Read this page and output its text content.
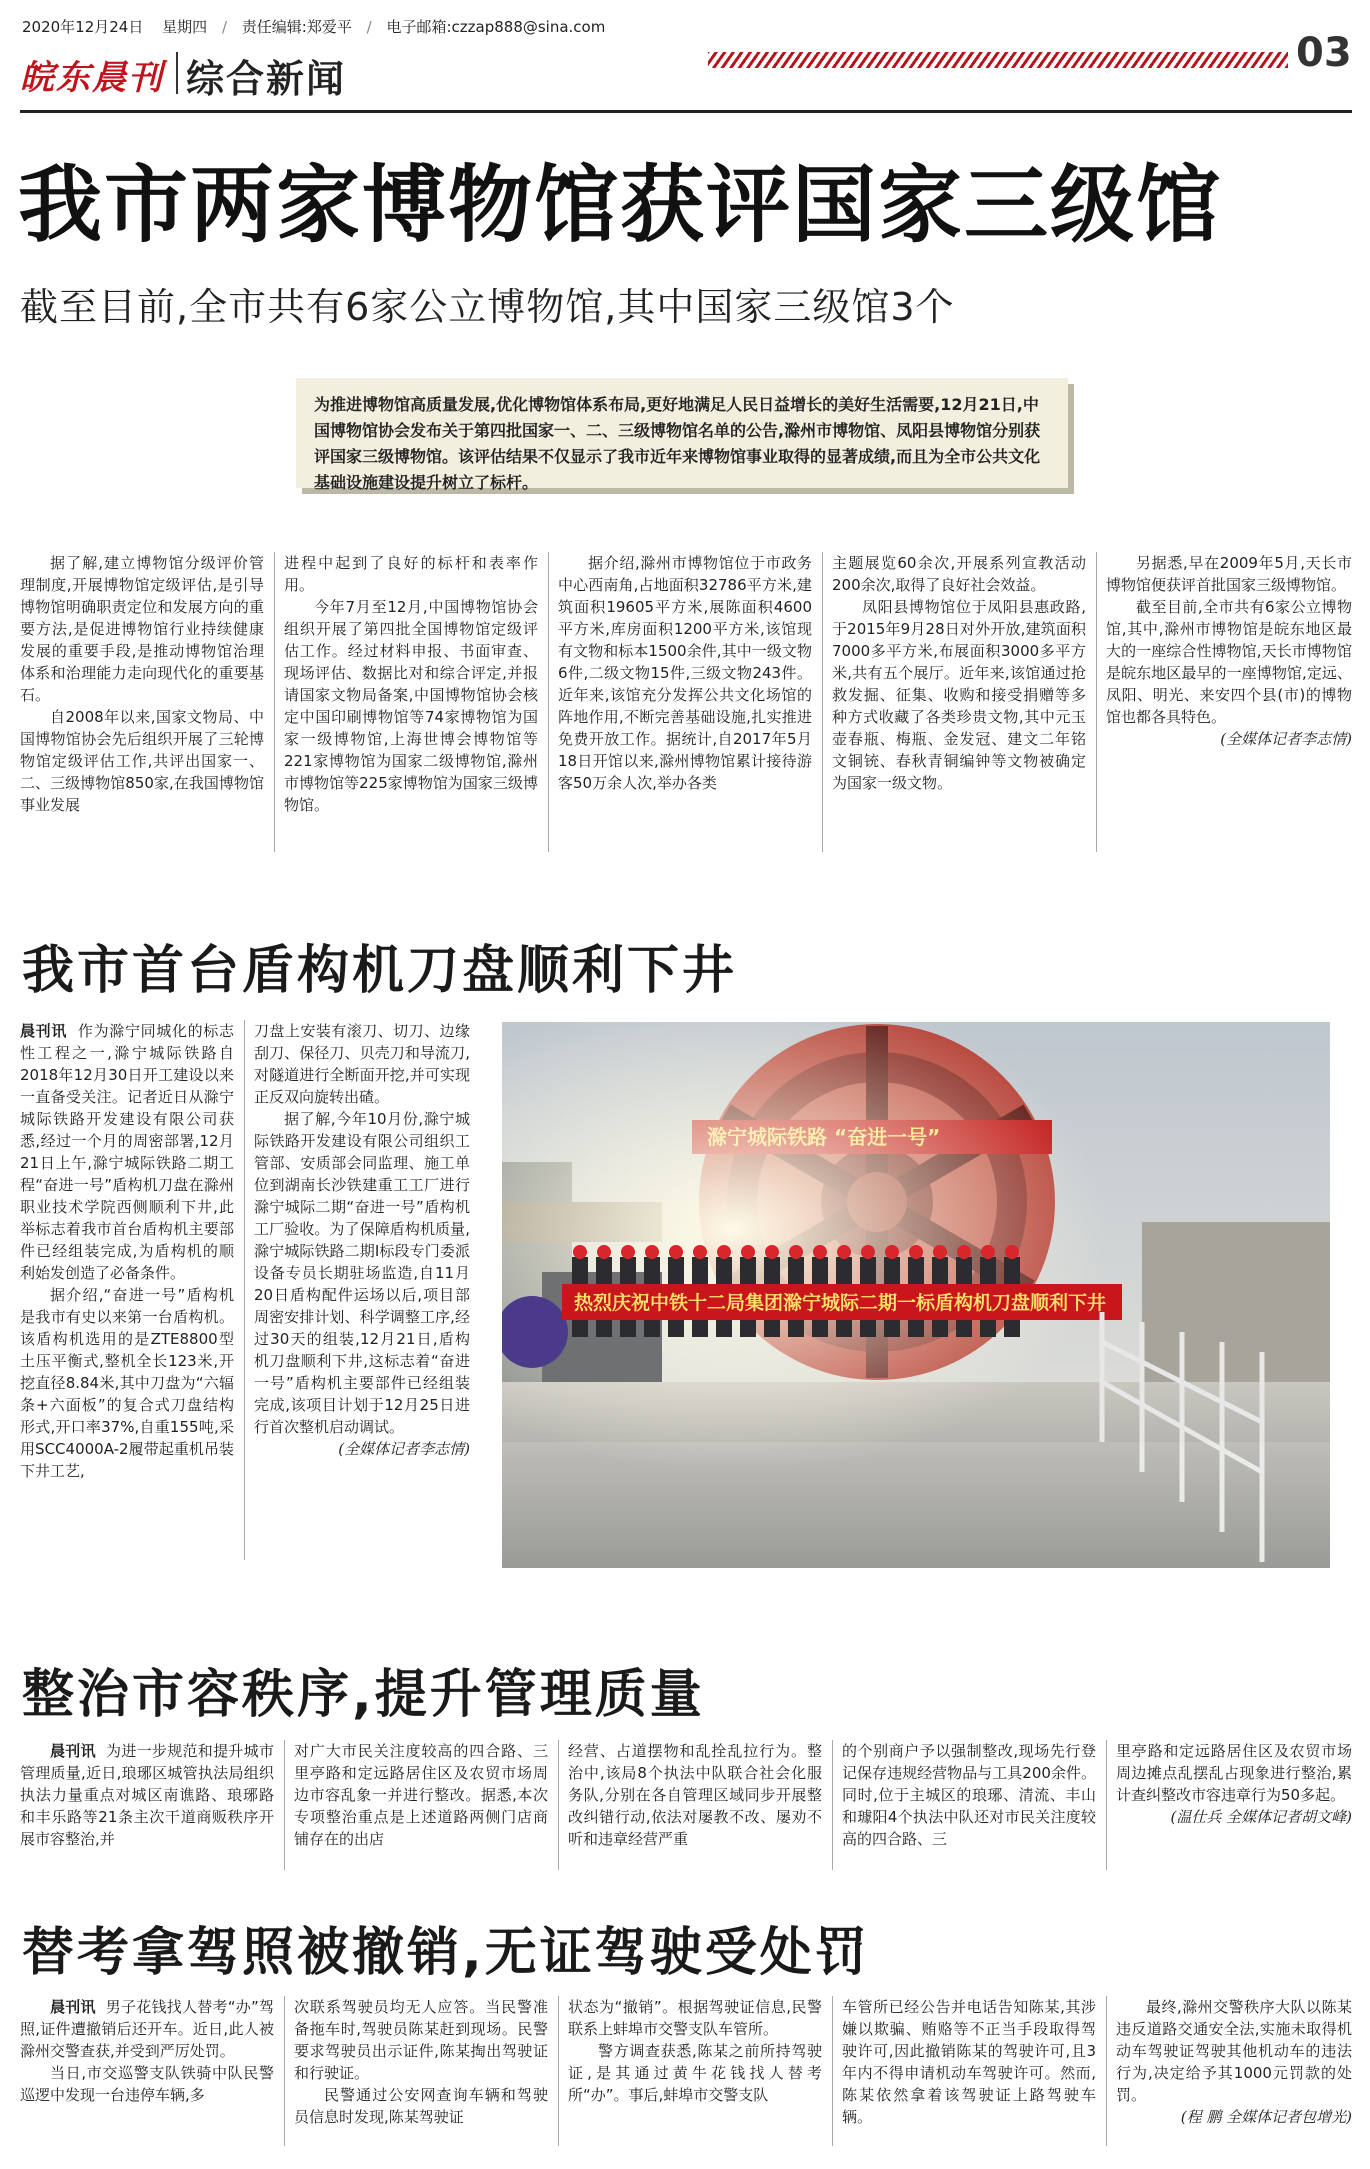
2020年12月24日 星期四 / 责任编辑:郑爱平 / 电子邮箱:czzap888@sina.com
皖东晨刊 综合新闻
03
我市两家博物馆获评国家三级馆
截至目前,全市共有6家公立博物馆,其中国家三级馆3个
为推进博物馆高质量发展,优化博物馆体系布局,更好地满足人民日益增长的美好生活需要,12月21日,中国博物馆协会发布关于第四批国家一、二、三级博物馆名单的公告,滁州市博物馆、凤阳县博物馆分别获评国家三级博物馆。该评估结果不仅显示了我市近年来博物馆事业取得的显著成绩,而且为全市公共文化基础设施建设提升树立了标杆。

据了解,建立博物馆分级评价管理制度,开展博物馆定级评估,是引导博物馆明确职责定位和发展方向的重要方法,是促进博物馆行业持续健康发展的重要手段,是推动博物馆治理体系和治理能力走向现代化的重要基石。

自2008年以来,国家文物局、中国博物馆协会先后组织开展了三轮博物馆定级评估工作,共评出国家一、二、三级博物馆850家,在我国博物馆事业发展

进程中起到了良好的标杆和表率作用。

今年7月至12月,中国博物馆协会组织开展了第四批全国博物馆定级评估工作。经过材料申报、书面审查、现场评估、数据比对和综合评定,并报请国家文物局备案,中国博物馆协会核定中国印刷博物馆等74家博物馆为国家一级博物馆,上海世博会博物馆等221家博物馆为国家二级博物馆,滁州市博物馆等225家博物馆为国家三级博物馆。

据介绍,滁州市博物馆位于市政务中心西南角,占地面积32786平方米,建筑面积19605平方米,展陈面积4600平方米,库房面积1200平方米,该馆现有文物和标本1500余件,其中一级文物6件,二级文物15件,三级文物243件。近年来,该馆充分发挥公共文化场馆的阵地作用,不断完善基础设施,扎实推进免费开放工作。据统计,自2017年5月18日开馆以来,滁州博物馆累计接待游客50万余人次,举办各类

主题展览60余次,开展系列宣教活动200余次,取得了良好社会效益。

凤阳县博物馆位于凤阳县惠政路,于2015年9月28日对外开放,建筑面积7000多平方米,布展面积3000多平方米,共有五个展厅。近年来,该馆通过抢救发掘、征集、收购和接受捐赠等多种方式收藏了各类珍贵文物,其中元玉壶春瓶、梅瓶、金发冠、建文二年铭文铜铳、春秋青铜编钟等文物被确定为国家一级文物。

另据悉,早在2009年5月,天长市博物馆便获评首批国家三级博物馆。

截至目前,全市共有6家公立博物馆,其中,滁州市博物馆是皖东地区最大的一座综合性博物馆,天长市博物馆是皖东地区最早的一座博物馆,定远、凤阳、明光、来安四个县(市)的博物馆也都各具特色。

(全媒体记者李志情)
我市首台盾构机刀盘顺利下井

晨刊讯 作为滁宁同城化的标志性工程之一,滁宁城际铁路自2018年12月30日开工建设以来一直备受关注。记者近日从滁宁城际铁路开发建设有限公司获悉,经过一个月的周密部署,12月21日上午,滁宁城际铁路二期工程“奋进一号”盾构机刀盘在滁州职业技术学院西侧顺利下井,此举标志着我市首台盾构机主要部件已经组装完成,为盾构机的顺利始发创造了必备条件。

据介绍,“奋进一号”盾构机是我市有史以来第一台盾构机。该盾构机选用的是ZTE8800型土压平衡式,整机全长123米,开挖直径8.84米,其中刀盘为“六辐条+六面板”的复合式刀盘结构形式,开口率37%,自重155吨,采用SCC4000A-2履带起重机吊装下井工艺,

刀盘上安装有滚刀、切刀、边缘刮刀、保径刀、贝壳刀和导流刀,对隧道进行全断面开挖,并可实现正反双向旋转出碴。

据了解,今年10月份,滁宁城际铁路开发建设有限公司组织工管部、安质部会同监理、施工单位到湖南长沙铁建重工工厂进行滁宁城际二期“奋进一号”盾构机工厂验收。为了保障盾构机质量,滁宁城际铁路二期Ⅰ标段专门委派设备专员长期驻场监造,自11月20日盾构配件运场以后,项目部周密安排计划、科学调整工序,经过30天的组装,12月21日,盾构机刀盘顺利下井,这标志着“奋进一号”盾构机主要部件已经组装完成,该项目计划于12月25日进行首次整机启动调试。

(全媒体记者李志情)
热烈庆祝中铁十二局集团滁宁城际二期一标盾构机刀盘顺利下井
整治市容秩序,提升管理质量

晨刊讯 为进一步规范和提升城市管理质量,近日,琅琊区城管执法局组织执法力量重点对城区南谯路、琅琊路和丰乐路等21条主次干道商贩秩序开展市容整治,并

对广大市民关注度较高的四合路、三里亭路和定远路居住区及农贸市场周边市容乱象一并进行整改。据悉,本次专项整治重点是上述道路两侧门店商铺存在的出店

经营、占道摆物和乱拴乱拉行为。整治中,该局8个执法中队联合社会化服务队,分别在各自管理区域同步开展整改纠错行动,依法对屡教不改、屡劝不听和违章经营严重

的个别商户予以强制整改,现场先行登记保存违规经营物品与工具200余件。同时,位于主城区的琅琊、清流、丰山和璩阳4个执法中队还对市民关注度较高的四合路、三

里亭路和定远路居住区及农贸市场周边摊点乱摆乱占现象进行整治,累计查纠整改市容违章行为50多起。

(温仕兵 全媒体记者胡文峰)
替考拿驾照被撤销,无证驾驶受处罚

晨刊讯 男子花钱找人替考“办”驾照,证件遭撤销后还开车。近日,此人被滁州交警查获,并受到严厉处罚。

当日,市交巡警支队铁骑中队民警巡逻中发现一台违停车辆,多

次联系驾驶员均无人应答。当民警准备拖车时,驾驶员陈某赶到现场。民警要求驾驶员出示证件,陈某掏出驾驶证和行驶证。

民警通过公安网查询车辆和驾驶员信息时发现,陈某驾驶证

状态为“撤销”。根据驾驶证信息,民警联系上蚌埠市交警支队车管所。

警方调查获悉,陈某之前所持驾驶证,是其通过黄牛花钱找人替考所“办”。事后,蚌埠市交警支队

车管所已经公告并电话告知陈某,其涉嫌以欺骗、贿赂等不正当手段取得驾驶许可,因此撤销陈某的驾驶许可,且3年内不得申请机动车驾驶许可。然而,陈某依然拿着该驾驶证上路驾驶车辆。

最终,滁州交警秩序大队以陈某违反道路交通安全法,实施未取得机动车驾驶证驾驶其他机动车的违法行为,决定给予其1000元罚款的处罚。

(程 鹏 全媒体记者包增光)
